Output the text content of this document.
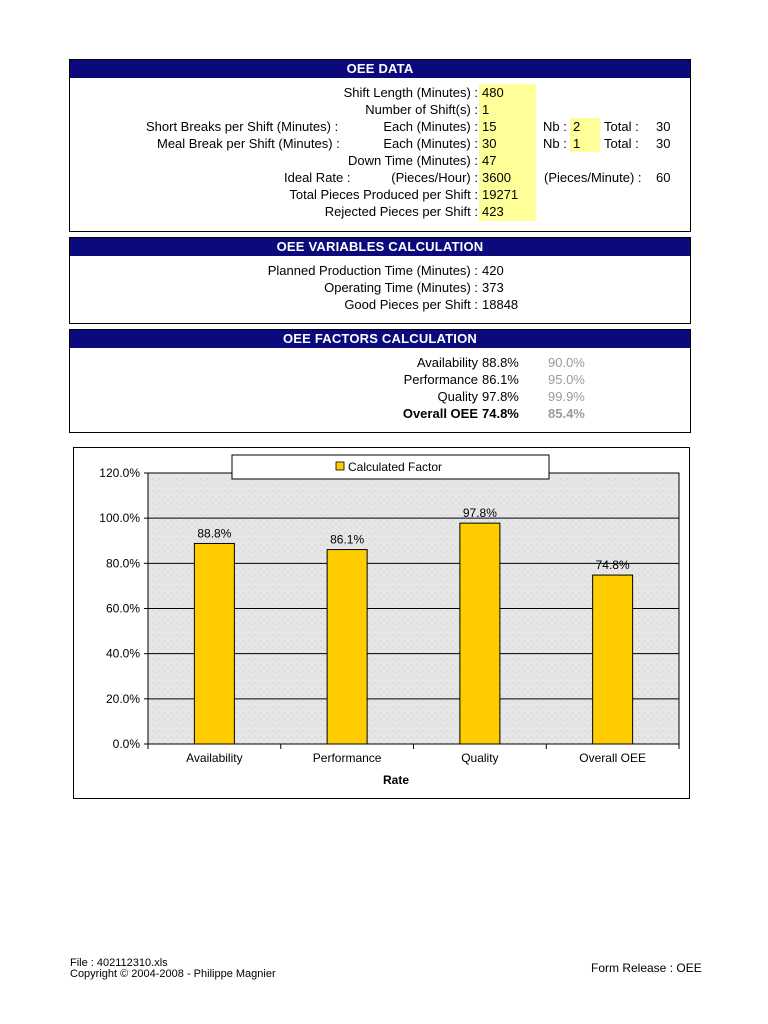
OEE DATA
Shift Length (Minutes) : 480
Number of Shift(s) : 1
Short Breaks per Shift (Minutes) :	Each (Minutes) : 15	Nb : 2 Total : 30
Meal Break per Shift (Minutes) :	Each (Minutes) : 30	Nb : 1 Total : 30
Down Time (Minutes) : 47
Ideal Rate :	(Pieces/Hour) : 3600	(Pieces/Minute) : 60
Total Pieces Produced per Shift : 19271
Rejected Pieces per Shift : 423
OEE VARIABLES CALCULATION
Planned Production Time (Minutes) : 420
Operating Time (Minutes) : 373
Good Pieces per Shift : 18848
OEE FACTORS CALCULATION
Availability 88.8% 90.0%
Performance 86.1% 95.0%
Quality 97.8% 99.9%
Overall OEE 74.8% 85.4%
0.0%
20.0%
40.0%
60.0%
80.0%
100.0%
120.0%
Availability	Performance	Quality	Overall OEE
88.8%	86.1%
97.8%
74.8%
Rate
Calculated Factor
File : 402112310.xls
Copyright © 2004-2008 - Philippe Magnier	Form Release : OEE
